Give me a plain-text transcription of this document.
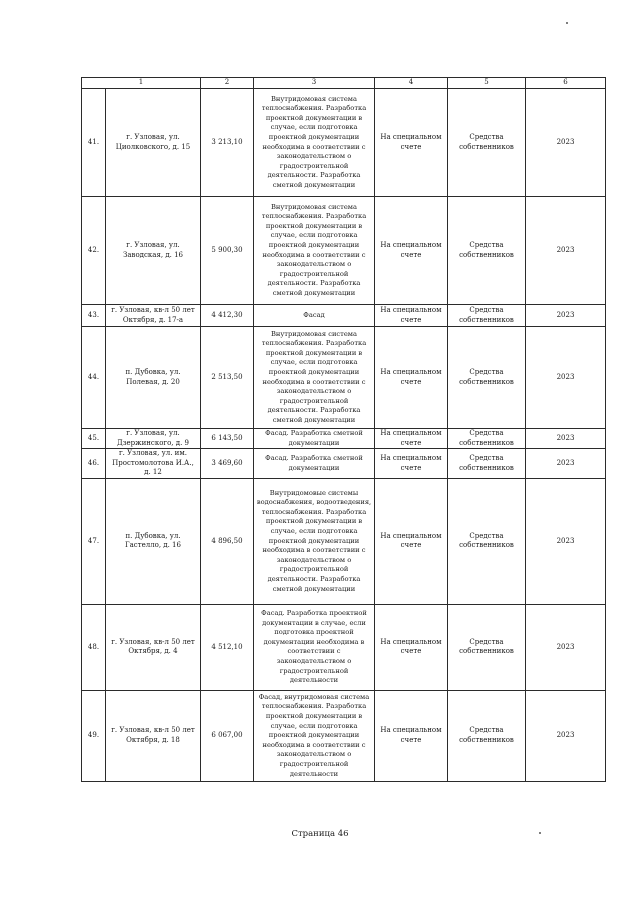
1		2	3	4	5	6
41.	г. Узловая, ул. Циолковского, д. 15	3 213,10	Внутридомовая система теплоснабжения. Разработка проектной документации в случае, если подготовка проектной документации необходима в соответствии с законодательством о градостроительной деятельности. Разработка сметной документации	На специальном счете	Средства собственников	2023
42.	г. Узловая, ул. Заводская, д. 16	5 900,30	Внутридомовая система теплоснабжения. Разработка проектной документации в случае, если подготовка проектной документации необходима в соответствии с законодательством о градостроительной деятельности. Разработка сметной документации	На специальном счете	Средства собственников	2023
43.	г. Узловая, кв-л 50 лет Октября, д. 17-а	4 412,30	Фасад	На специальном счете	Средства собственников	2023
44.	п. Дубовка, ул. Полевая, д. 20	2 513,50	Внутридомовая система теплоснабжения. Разработка проектной документации в случае, если подготовка проектной документации необходима в соответствии с законодательством о градостроительной деятельности. Разработка сметной документации	На специальном счете	Средства собственников	2023
45.	г. Узловая, ул. Дзержинского, д. 9	6 143,50	Фасад. Разработка сметной документации	На специальном счете	Средства собственников	2023
46.	г. Узловая, ул. им. Простомолотова И.А., д. 12	3 469,60	Фасад. Разработка сметной документации	На специальном счете	Средства собственников	2023
47.	п. Дубовка, ул. Гастелло, д. 16	4 896,50	Внутридомовые системы водоснабжения, водоотведения, теплоснабжения. Разработка проектной документации в случае, если подготовка проектной документации необходима в соответствии с законодательством о градостроительной деятельности. Разработка сметной документации	На специальном счете	Средства собственников	2023
48.	г. Узловая, кв-л 50 лет Октября, д. 4	4 512,10	Фасад. Разработка проектной документации в случае, если подготовка проектной документации необходима в соответствии с законодательством о градостроительной деятельности	На специальном счете	Средства собственников	2023
49.	г. Узловая, кв-л 50 лет Октября, д. 18	6 067,00	Фасад, внутридомовая система теплоснабжения. Разработка проектной документации в случае, если подготовка проектной документации необходима в соответствии с законодательством о градостроительной деятельности	На специальном счете	Средства собственников	2023
Страница 46
